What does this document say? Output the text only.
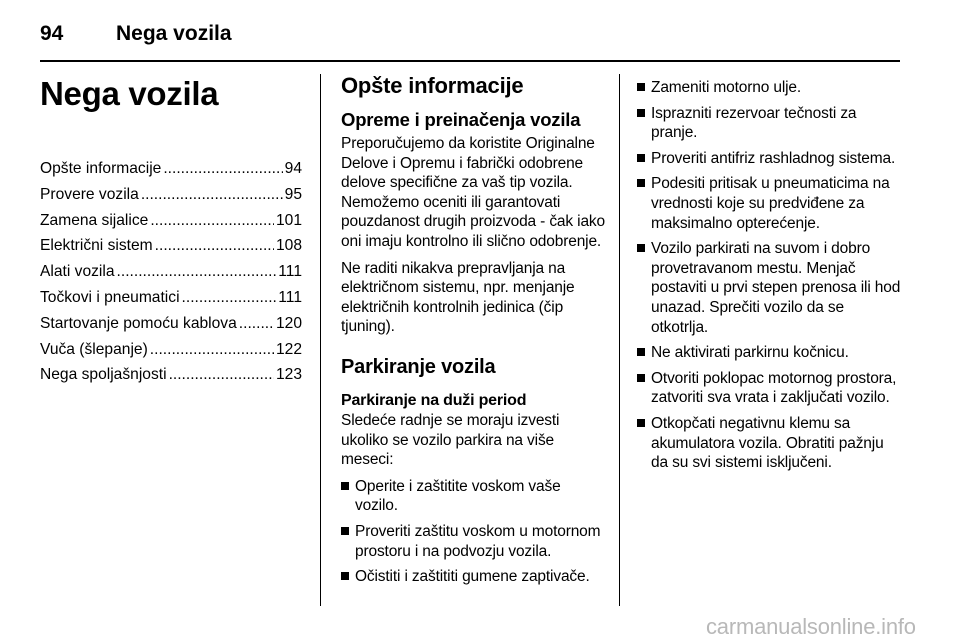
94	Nega vozila
Nega vozila
Opšte informacije .....	94
Provere vozila .....	95
Zamena sijalice .....	101
Električni sistem .....	108
Alati vozila .....	111
Točkovi i pneumatici .....	111
Startovanje pomoću kablova .....	120
Vuča (šlepanje) .....	122
Nega spoljašnjosti .....	123
Opšte informacije
Opreme i preinačenja vozila

Preporučujemo da koristite Originalne Delove i Opremu i fabrički odobrene delove specifične za vaš tip vozila. Nemožemo oceniti ili garantovati pouzdanost drugih proizvoda - čak iako oni imaju kontrolno ili slično odobrenje.

Ne raditi nikakva prepravljanja na električnom sistemu, npr. menjanje električnih kontrolnih jedinica (čip tjuning).

Parkiranje vozila
Parkiranje na duži period

Sledeće radnje se moraju izvesti ukoliko se vozilo parkira na više meseci:

Operite i zaštitite voskom vaše vozilo.
Proveriti zaštitu voskom u motornom prostoru i na podvozju vozila.
Očistiti i zaštititi gumene zaptivače.
Zameniti motorno ulje.
Isprazniti rezervoar tečnosti za pranje.
Proveriti antifriz rashladnog sistema.
Podesiti pritisak u pneumaticima na vrednosti koje su predviđene za maksimalno opterećenje.
Vozilo parkirati na suvom i dobro provetravanom mestu. Menjač postaviti u prvi stepen prenosa ili hod unazad. Sprečiti vozilo da se otkotrlja.
Ne aktivirati parkirnu kočnicu.
Otvoriti poklopac motornog prostora, zatvoriti sva vrata i zaključati vozilo.
Otkopčati negativnu klemu sa akumulatora vozila. Obratiti pažnju da su svi sistemi isključeni.
carmanualsonline.info
